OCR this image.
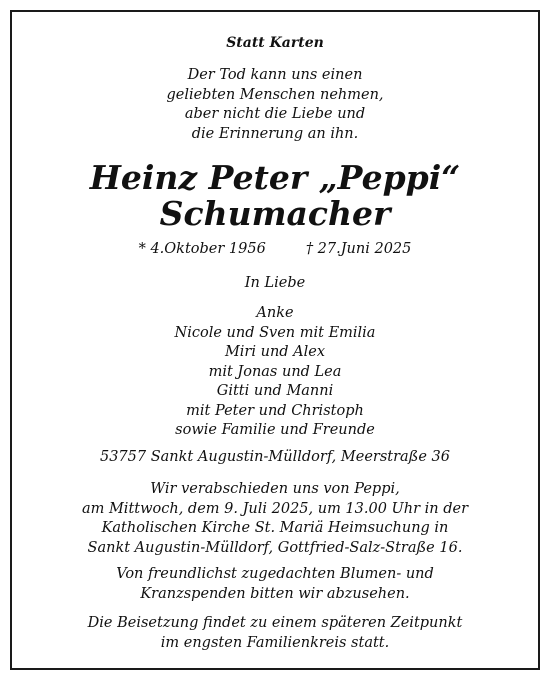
Statt Karten
Der Tod kann uns einen
geliebten Menschen nehmen,
aber nicht die Liebe und
die Erinnerung an ihn.
Heinz Peter „Peppi“
Schumacher
* 4.Oktober 1956	† 27.Juni 2025
In Liebe
Anke
Nicole und Sven mit Emilia
Miri und Alex
mit Jonas und Lea
Gitti und Manni
mit Peter und Christoph
sowie Familie und Freunde
53757 Sankt Augustin-Mülldorf, Meerstraße 36
Wir verabschieden uns von Peppi,
am Mittwoch, dem 9. Juli 2025, um 13.00 Uhr in der
Katholischen Kirche St. Mariä Heimsuchung in
Sankt Augustin-Mülldorf, Gottfried-Salz-Straße 16.
Von freundlichst zugedachten Blumen- und
Kranzspenden bitten wir abzusehen.
Die Beisetzung findet zu einem späteren Zeitpunkt
im engsten Familienkreis statt.
